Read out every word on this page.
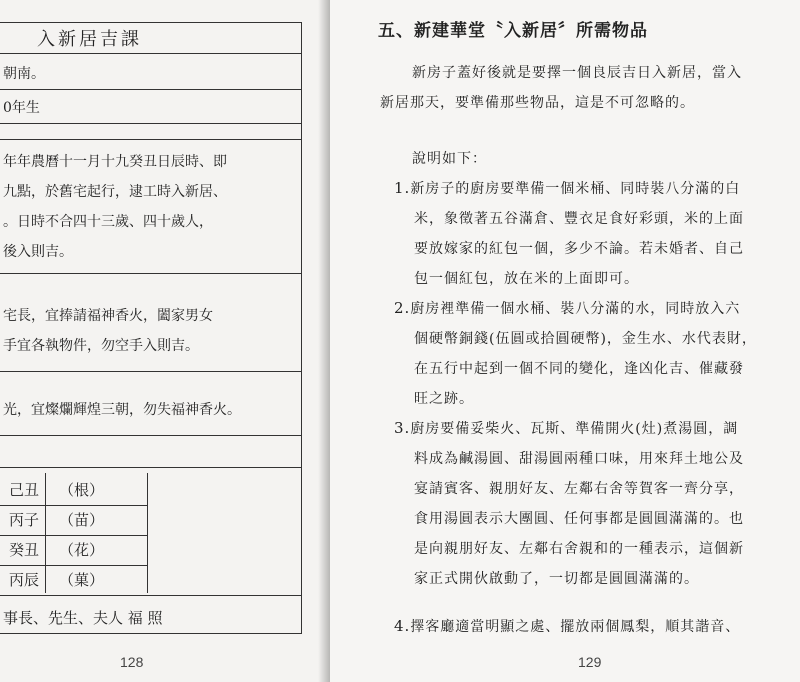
入新居吉課

朝南。
0年生
年年農曆十一月十九癸丑日辰時、即
九點，於舊宅起行，逮工時入新居、
。日時不合四十三歲、四十歲人，
後入則吉。
宅長，宜捧請福神香火，闔家男女
手宜各執物件，勿空手入則吉。
光，宜燦爛輝煌三朝，勿失福神香火。
己丑 （根）
丙子 （苗）
癸丑 （花）
丙辰 （菓）
事長、先生、夫人 福 照
128
五、新建華堂〝入新居〞所需物品
新房子蓋好後就是要擇一個良辰吉日入新居，當入
新居那天，要準備那些物品，這是不可忽略的。
說明如下：
1.新房子的廚房要準備一個米桶、同時裝八分滿的白
米，象徵著五谷滿倉、豐衣足食好彩頭，米的上面
要放嫁家的紅包一個，多少不論。若未婚者、自己
包一個紅包，放在米的上面即可。
2.廚房裡準備一個水桶、裝八分滿的水，同時放入六
個硬幣銅錢(伍圓或拾圓硬幣)，金生水、水代表財，
在五行中起到一個不同的變化，逢凶化吉、催藏發
旺之跡。
3.廚房要備妥柴火、瓦斯、準備開火(灶)煮湯圓，調
料成為鹹湯圓、甜湯圓兩種口味，用來拜土地公及
宴請賓客、親朋好友、左鄰右舍等賀客一齊分享，
食用湯圓表示大團圓、任何事都是圓圓滿滿的。也
是向親朋好友、左鄰右舍親和的一種表示，這個新
家正式開伙啟動了，一切都是圓圓滿滿的。
4.擇客廳適當明顯之處、擺放兩個鳳梨，順其諧音、
129
